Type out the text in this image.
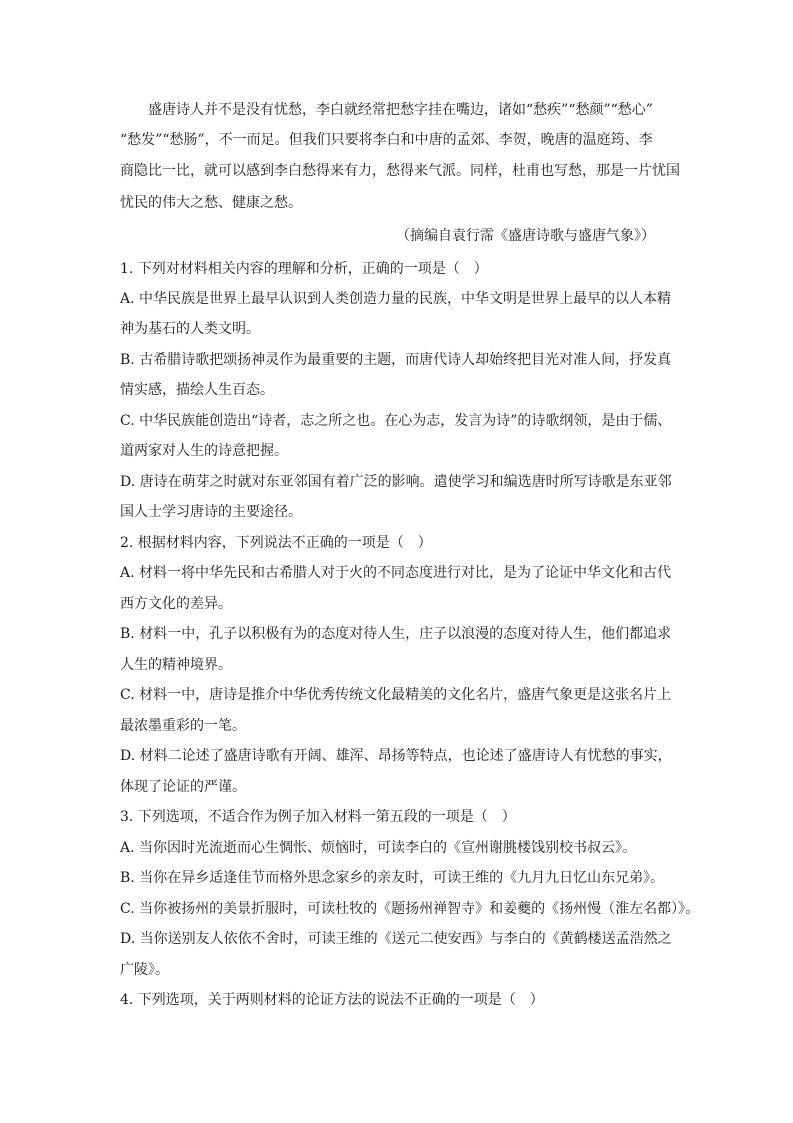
盛唐诗人并不是没有忧愁，李白就经常把愁字挂在嘴边，诸如“愁疾”“愁颜”“愁心”
“愁发”“愁肠”，不一而足。但我们只要将李白和中唐的孟郊、李贺，晚唐的温庭筠、李
商隐比一比，就可以感到李白愁得来有力，愁得来气派。同样，杜甫也写愁，那是一片忧国
忧民的伟大之愁、健康之愁。
（摘编自袁行霈《盛唐诗歌与盛唐气象》）
1. 下列对材料相关内容的理解和分析，正确的一项是（　）
A. 中华民族是世界上最早认识到人类创造力量的民族，中华文明是世界上最早的以人本精
神为基石的人类文明。
B. 古希腊诗歌把颂扬神灵作为最重要的主题，而唐代诗人却始终把目光对准人间，抒发真
情实感，描绘人生百态。
C. 中华民族能创造出“诗者，志之所之也。在心为志，发言为诗”的诗歌纲领，是由于儒、
道两家对人生的诗意把握。
D. 唐诗在萌芽之时就对东亚邻国有着广泛的影响。遣使学习和编选唐时所写诗歌是东亚邻
国人士学习唐诗的主要途径。
2. 根据材料内容，下列说法不正确的一项是（　）
A. 材料一将中华先民和古希腊人对于火的不同态度进行对比，是为了论证中华文化和古代
西方文化的差异。
B. 材料一中，孔子以积极有为的态度对待人生，庄子以浪漫的态度对待人生，他们都追求
人生的精神境界。
C. 材料一中，唐诗是推介中华优秀传统文化最精美的文化名片，盛唐气象更是这张名片上
最浓墨重彩的一笔。
D. 材料二论述了盛唐诗歌有开阔、雄浑、昂扬等特点，也论述了盛唐诗人有忧愁的事实，
体现了论证的严谨。
3. 下列选项，不适合作为例子加入材料一第五段的一项是（　）
A. 当你因时光流逝而心生惆怅、烦恼时，可读李白的《宣州谢朓楼饯别校书叔云》。
B. 当你在异乡适逢佳节而格外思念家乡的亲友时，可读王维的《九月九日忆山东兄弟》。
C. 当你被扬州的美景折服时，可读杜牧的《题扬州禅智寺》和姜夔的《扬州慢（淮左名都）》。
D. 当你送别友人依依不舍时，可读王维的《送元二使安西》与李白的《黄鹤楼送孟浩然之
广陵》。
4. 下列选项，关于两则材料的论证方法的说法不正确的一项是（　）
